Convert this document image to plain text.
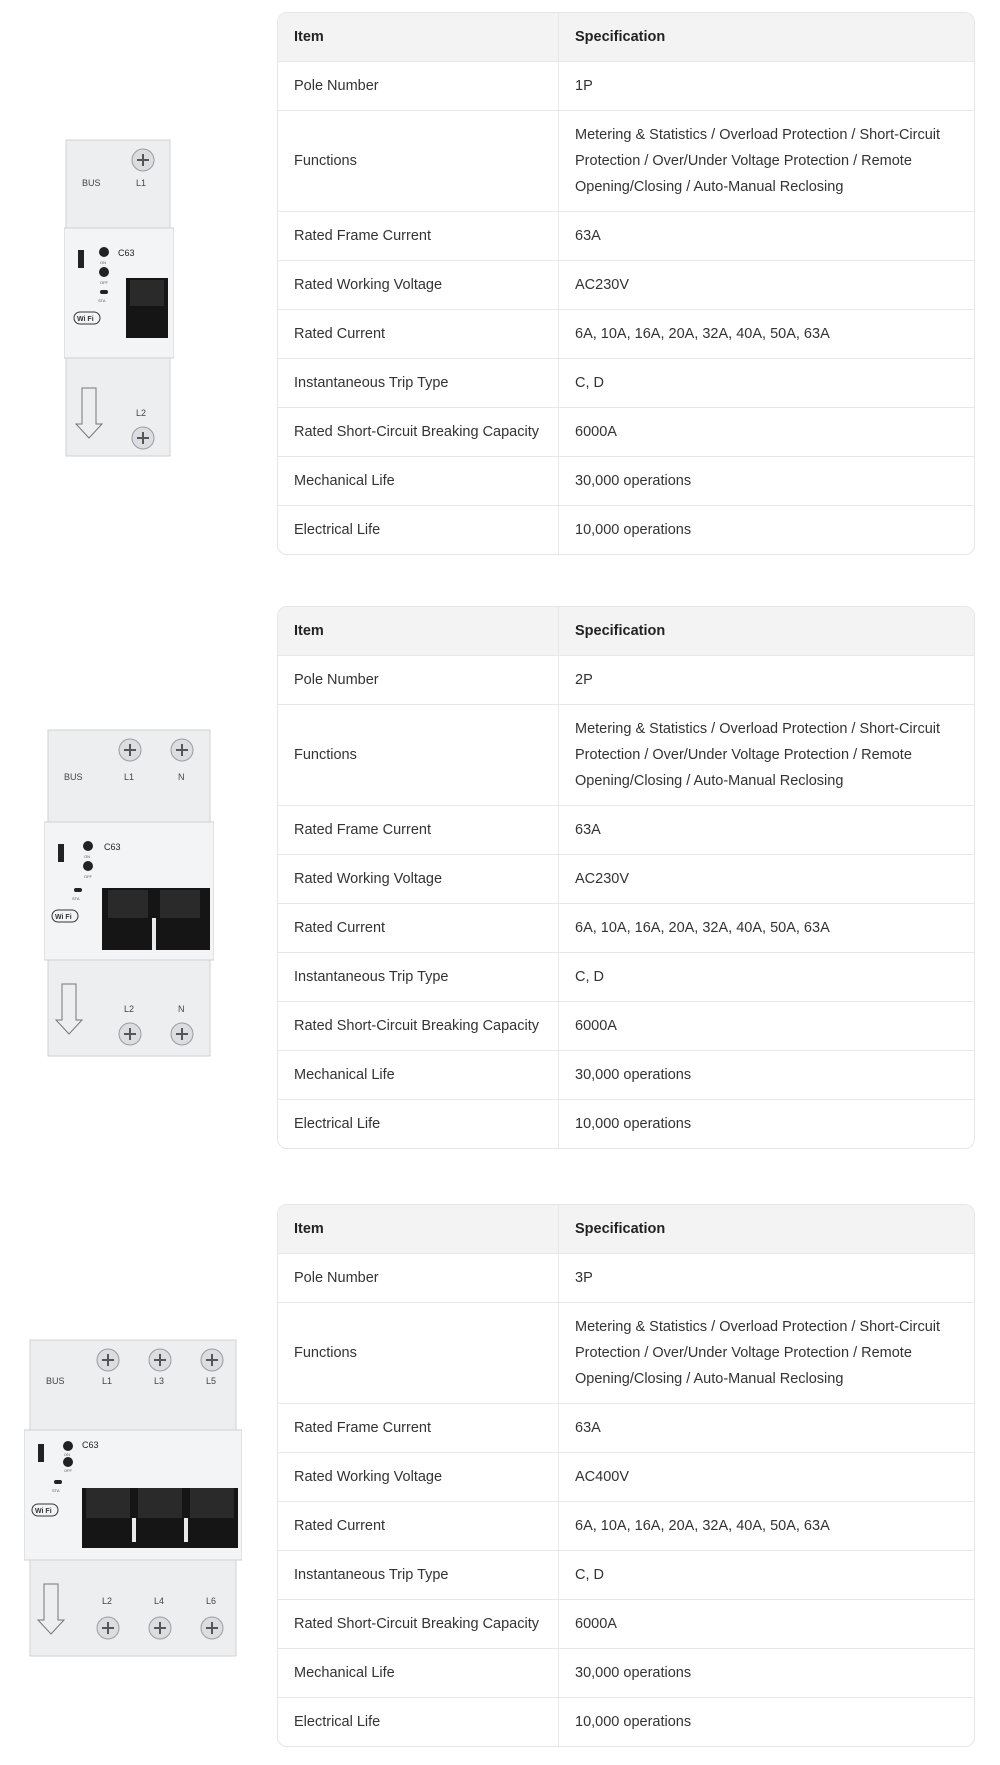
BUS	L1
ON
OFF
C63
STA
Wi Fi
L2
Item	Specification
Pole Number	1P
Functions	Metering & Statistics / Overload Protection / Short-Circuit Protection / Over/Under Voltage Protection / Remote Opening/Closing / Auto-Manual Reclosing
Rated Frame Current	63A
Rated Working Voltage	AC230V
Rated Current	6A, 10A, 16A, 20A, 32A, 40A, 50A, 63A
Instantaneous Trip Type	C, D
Rated Short-Circuit Breaking Capacity	6000A
Mechanical Life	30,000 operations
Electrical Life	10,000 operations
BUS	L1	N
ON
OFF
C63
STA
Wi Fi
L2	N
Item	Specification
Pole Number	2P
Functions	Metering & Statistics / Overload Protection / Short-Circuit Protection / Over/Under Voltage Protection / Remote Opening/Closing / Auto-Manual Reclosing
Rated Frame Current	63A
Rated Working Voltage	AC230V
Rated Current	6A, 10A, 16A, 20A, 32A, 40A, 50A, 63A
Instantaneous Trip Type	C, D
Rated Short-Circuit Breaking Capacity	6000A
Mechanical Life	30,000 operations
Electrical Life	10,000 operations
BUS	L1	L3	L5
ON
OFF
C63
STA
Wi Fi
L2	L4	L6
Item	Specification
Pole Number	3P
Functions	Metering & Statistics / Overload Protection / Short-Circuit Protection / Over/Under Voltage Protection / Remote Opening/Closing / Auto-Manual Reclosing
Rated Frame Current	63A
Rated Working Voltage	AC400V
Rated Current	6A, 10A, 16A, 20A, 32A, 40A, 50A, 63A
Instantaneous Trip Type	C, D
Rated Short-Circuit Breaking Capacity	6000A
Mechanical Life	30,000 operations
Electrical Life	10,000 operations
